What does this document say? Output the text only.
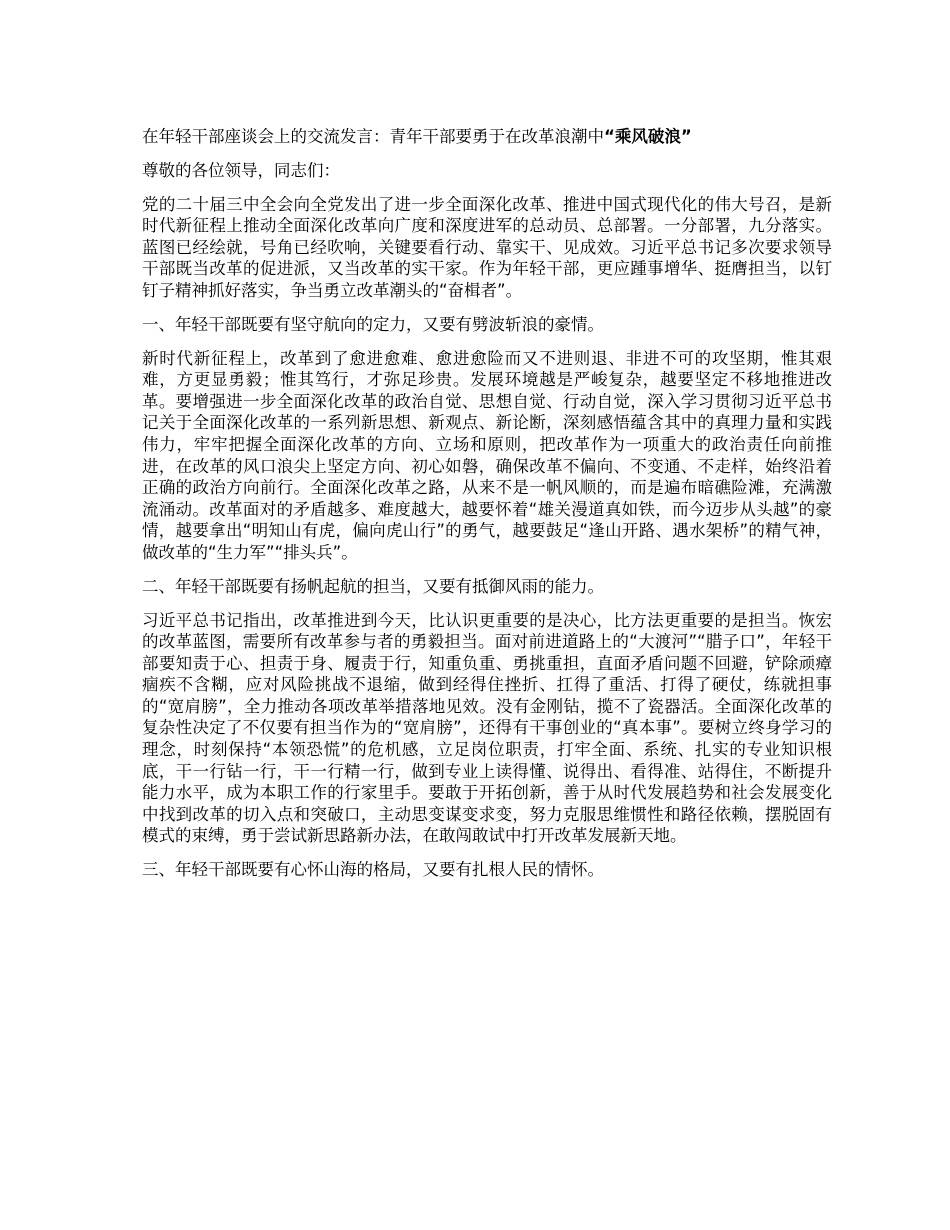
在年轻干部座谈会上的交流发言：青年干部要勇于在改革浪潮中“乘风破浪”

尊敬的各位领导，同志们：

党的二十届三中全会向全党发出了进一步全面深化改革、推进中国式现代化的伟大号召，是新时代新征程上推动全面深化改革向广度和深度进军的总动员、总部署。一分部署，九分落实。蓝图已经绘就，号角已经吹响，关键要看行动、靠实干、见成效。习近平总书记多次要求领导干部既当改革的促进派，又当改革的实干家。作为年轻干部，更应踵事增华、挺膺担当，以钉钉子精神抓好落实，争当勇立改革潮头的“奋楫者”。

一、年轻干部既要有坚守航向的定力，又要有劈波斩浪的豪情。

新时代新征程上，改革到了愈进愈难、愈进愈险而又不进则退、非进不可的攻坚期，惟其艰难，方更显勇毅；惟其笃行，才弥足珍贵。发展环境越是严峻复杂，越要坚定不移地推进改革。要增强进一步全面深化改革的政治自觉、思想自觉、行动自觉，深入学习贯彻习近平总书记关于全面深化改革的一系列新思想、新观点、新论断，深刻感悟蕴含其中的真理力量和实践伟力，牢牢把握全面深化改革的方向、立场和原则，把改革作为一项重大的政治责任向前推进，在改革的风口浪尖上坚定方向、初心如磐，确保改革不偏向、不变通、不走样，始终沿着正确的政治方向前行。全面深化改革之路，从来不是一帆风顺的，而是遍布暗礁险滩，充满激流涌动。改革面对的矛盾越多、难度越大，越要怀着“雄关漫道真如铁，而今迈步从头越”的豪情，越要拿出“明知山有虎，偏向虎山行”的勇气，越要鼓足“逢山开路、遇水架桥”的精气神，做改革的“生力军”“排头兵”。

二、年轻干部既要有扬帆起航的担当，又要有抵御风雨的能力。

习近平总书记指出，改革推进到今天，比认识更重要的是决心，比方法更重要的是担当。恢宏的改革蓝图，需要所有改革参与者的勇毅担当。面对前进道路上的“大渡河”“腊子口”，年轻干部要知责于心、担责于身、履责于行，知重负重、勇挑重担，直面矛盾问题不回避，铲除顽瘴痼疾不含糊，应对风险挑战不退缩，做到经得住挫折、扛得了重活、打得了硬仗，练就担事的“宽肩膀”，全力推动各项改革举措落地见效。没有金刚钻，揽不了瓷器活。全面深化改革的复杂性决定了不仅要有担当作为的“宽肩膀”，还得有干事创业的“真本事”。要树立终身学习的理念，时刻保持“本领恐慌”的危机感，立足岗位职责，打牢全面、系统、扎实的专业知识根底，干一行钻一行，干一行精一行，做到专业上读得懂、说得出、看得准、站得住，不断提升能力水平，成为本职工作的行家里手。要敢于开拓创新，善于从时代发展趋势和社会发展变化中找到改革的切入点和突破口，主动思变谋变求变，努力克服思维惯性和路径依赖，摆脱固有模式的束缚，勇于尝试新思路新办法，在敢闯敢试中打开改革发展新天地。

三、年轻干部既要有心怀山海的格局，又要有扎根人民的情怀。
